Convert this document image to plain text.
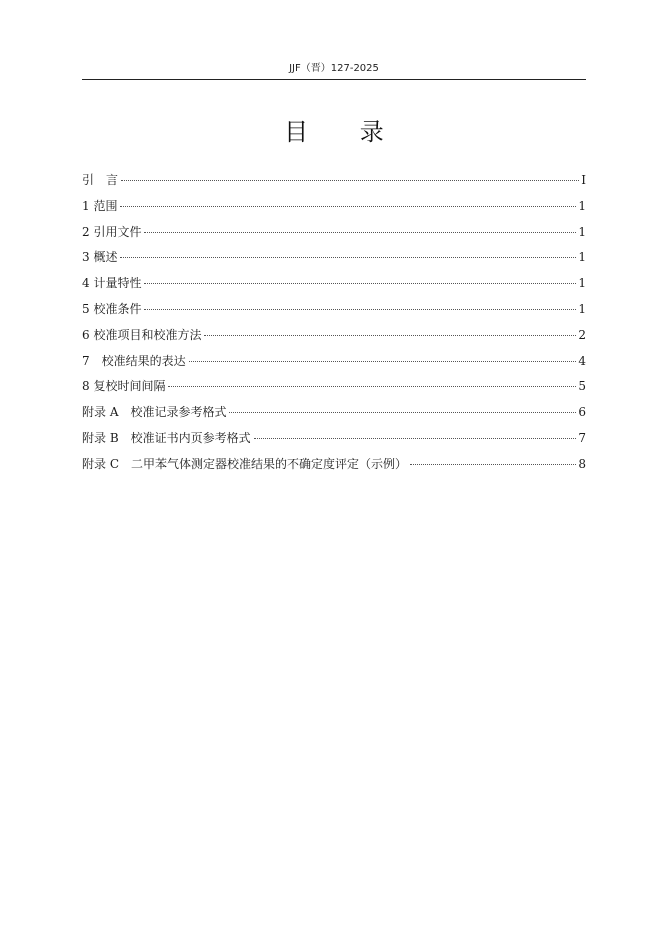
JJF（晋）127-2025
目 录
引　言	I
1 范围	1
2 引用文件	1
3 概述	1
4 计量特性	1
5 校准条件	1
6 校准项目和校准方法	2
7　校准结果的表达	4
8 复校时间间隔	5
附录 A　校准记录参考格式	6
附录 B　校准证书内页参考格式	7
附录 C　二甲苯气体测定器校准结果的不确定度评定（示例）	8
